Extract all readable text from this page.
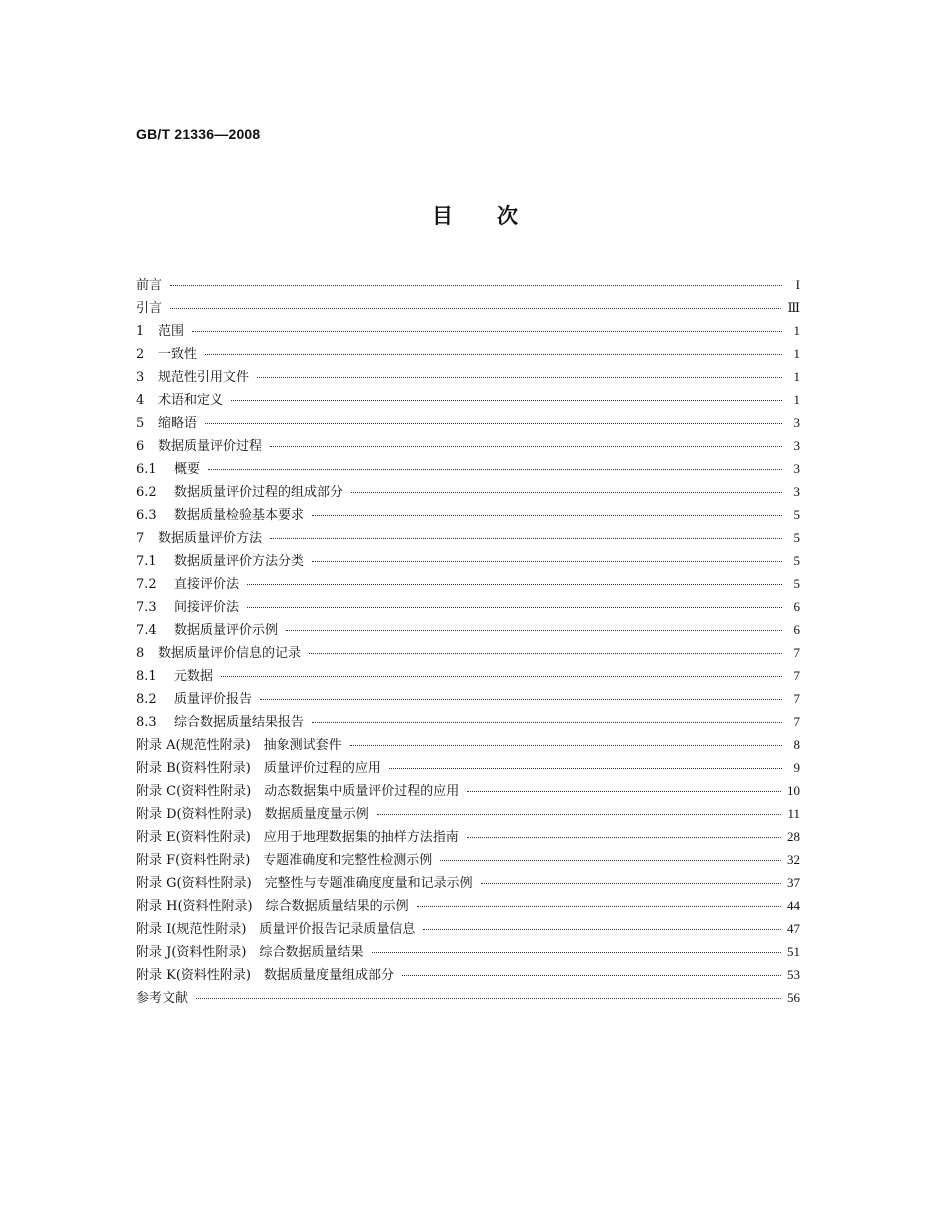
GB/T 21336—2008
目次
前言	I
引言	Ⅲ
1 范围	1
2 一致性	1
3 规范性引用文件	1
4 术语和定义	1
5 缩略语	3
6 数据质量评价过程	3
6.1 概要	3
6.2 数据质量评价过程的组成部分	3
6.3 数据质量检验基本要求	5
7 数据质量评价方法	5
7.1 数据质量评价方法分类	5
7.2 直接评价法	5
7.3 间接评价法	6
7.4 数据质量评价示例	6
8 数据质量评价信息的记录	7
8.1 元数据	7
8.2 质量评价报告	7
8.3 综合数据质量结果报告	7
附录 A(规范性附录)　抽象测试套件	8
附录 B(资料性附录)　质量评价过程的应用	9
附录 C(资料性附录)　动态数据集中质量评价过程的应用	10
附录 D(资料性附录)　数据质量度量示例	11
附录 E(资料性附录)　应用于地理数据集的抽样方法指南	28
附录 F(资料性附录)　专题准确度和完整性检测示例	32
附录 G(资料性附录)　完整性与专题准确度度量和记录示例	37
附录 H(资料性附录)　综合数据质量结果的示例	44
附录 I(规范性附录)　质量评价报告记录质量信息	47
附录 J(资料性附录)　综合数据质量结果	51
附录 K(资料性附录)　数据质量度量组成部分	53
参考文献	56
